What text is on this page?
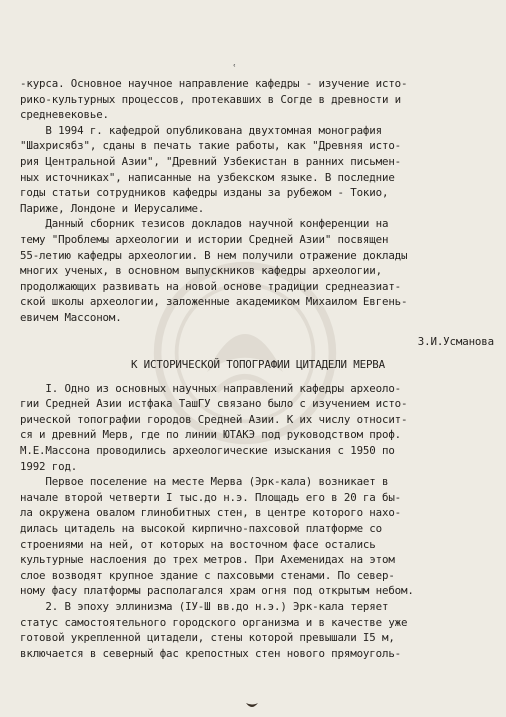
ʿ
-курса. Основное научное направление кафедры - изучение исто-
рико-культурных процессов, протекавших в Согде в древности и
средневековье.
В 1994 г. кафедрой опубликована двухтомная монография
"Шахрисябз", сданы в печать такие работы, как "Древняя исто-
рия Центральной Азии", "Древний Узбекистан в ранних письмен-
ных источниках", написанные на узбекском языке. В последние
годы статьи сотрудников кафедры изданы за рубежом - Токио,
Париже, Лондоне и Иерусалиме.
Данный сборник тезисов докладов научной конференции на
тему "Проблемы археологии и истории Средней Азии" посвящен
55-летию кафедры археологии. В нем получили отражение доклады
многих ученых, в основном выпускников кафедры археологии,
продолжающих развивать на новой основе традиции среднеазиат-
ской школы археологии, заложенные академиком Михаилом Евгень-
евичем Массоном.
З.И.Усманова
К ИСТОРИЧЕСКОЙ ТОПОГРАФИИ ЦИТАДЕЛИ МЕРВА
I. Одно из основных научных направлений кафедры археоло-
гии Средней Азии истфака ТашГУ связано было с изучением исто-
рической топографии городов Средней Азии. К их числу относит-
ся и древний Мерв, где по линии ЮТАКЭ под руководством проф.
М.Е.Массона проводились археологические изыскания с 1950 по
1992 год.
Первое поселение на месте Мерва (Эрк-кала) возникает в
начале второй четверти I тыс.до н.э. Площадь его в 20 га бы-
ла окружена овалом глинобитных стен, в центре которого нахо-
дилась цитадель на высокой кирпично-пахсовой платформе со
строениями на ней, от которых на восточном фасе остались
культурные наслоения до трех метров. При Ахеменидах на этом
слое возводят крупное здание с пахсовыми стенами. По север-
ному фасу платформы располагался храм огня под открытым небом.
2. В эпоху эллинизма (IУ-Ш вв.до н.э.) Эрк-кала теряет
статус самостоятельного городского организма и в качестве уже
готовой укрепленной цитадели, стены которой превышали I5 м,
включается в северный фас крепостных стен нового прямоуголь-
